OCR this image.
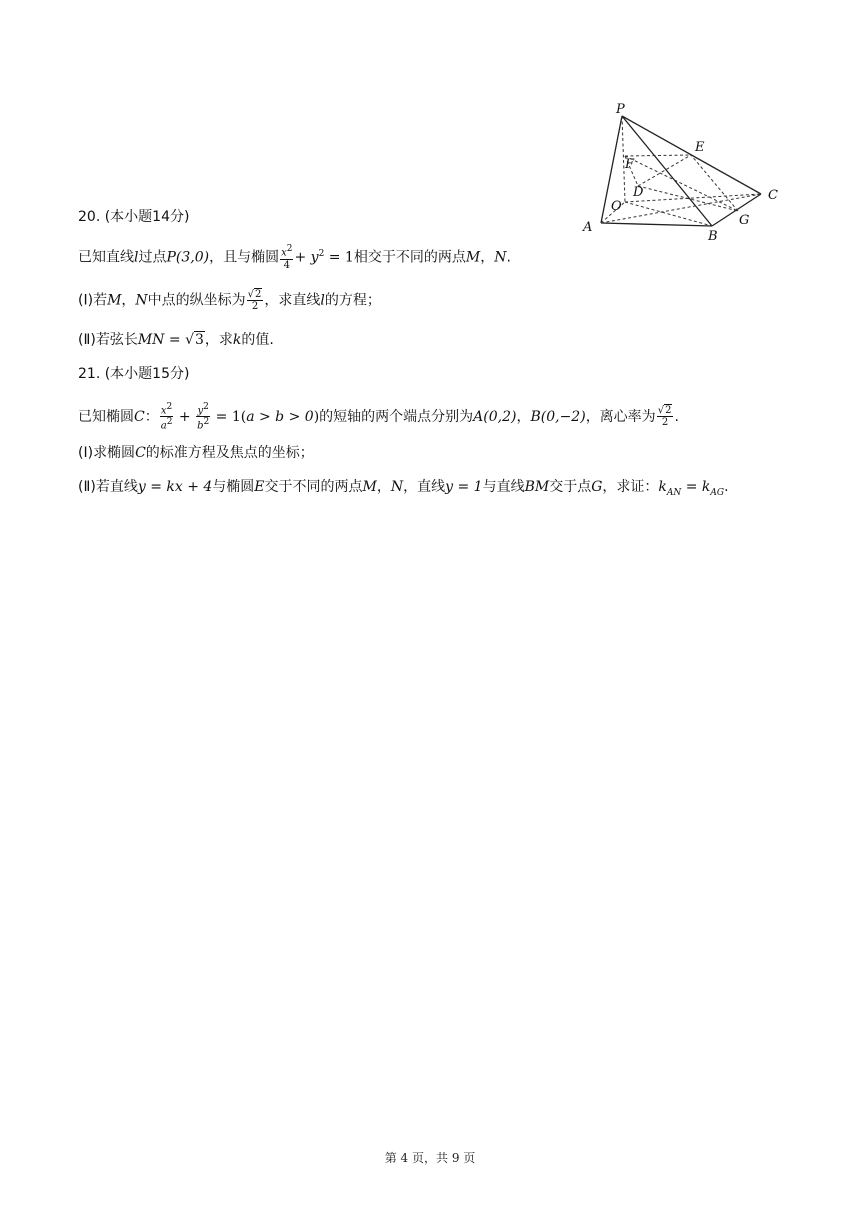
P
E
F
D
O
C
A
B
G
20. (本小题14分)
已知直线l过点P(3,0)，且与椭圆 $\frac{x^2}{4} + y^2 = 1$相交于不同的两点M，N.
(Ⅰ)若M，N中点的纵坐标为 $\frac{√2}{2}$ ，求直线l的方程；
(Ⅱ)若弦长MN = √3，求k的值.
21. (本小题15分)
已知椭圆C： $\frac{x^2}{a^2} + \frac{y^2}{b^2} = 1(a > b > 0)$的短轴的两个端点分别为A(0,2)，B(0,−2)，离心率为 $\frac{√2}{2}$ .
(Ⅰ)求椭圆C的标准方程及焦点的坐标；
(Ⅱ)若直线y = kx + 4与椭圆E交于不同的两点M，N，直线y = 1与直线BM交于点G，求证：$k_{AN} = k_{AG}$.
第 4 页，共 9 页
